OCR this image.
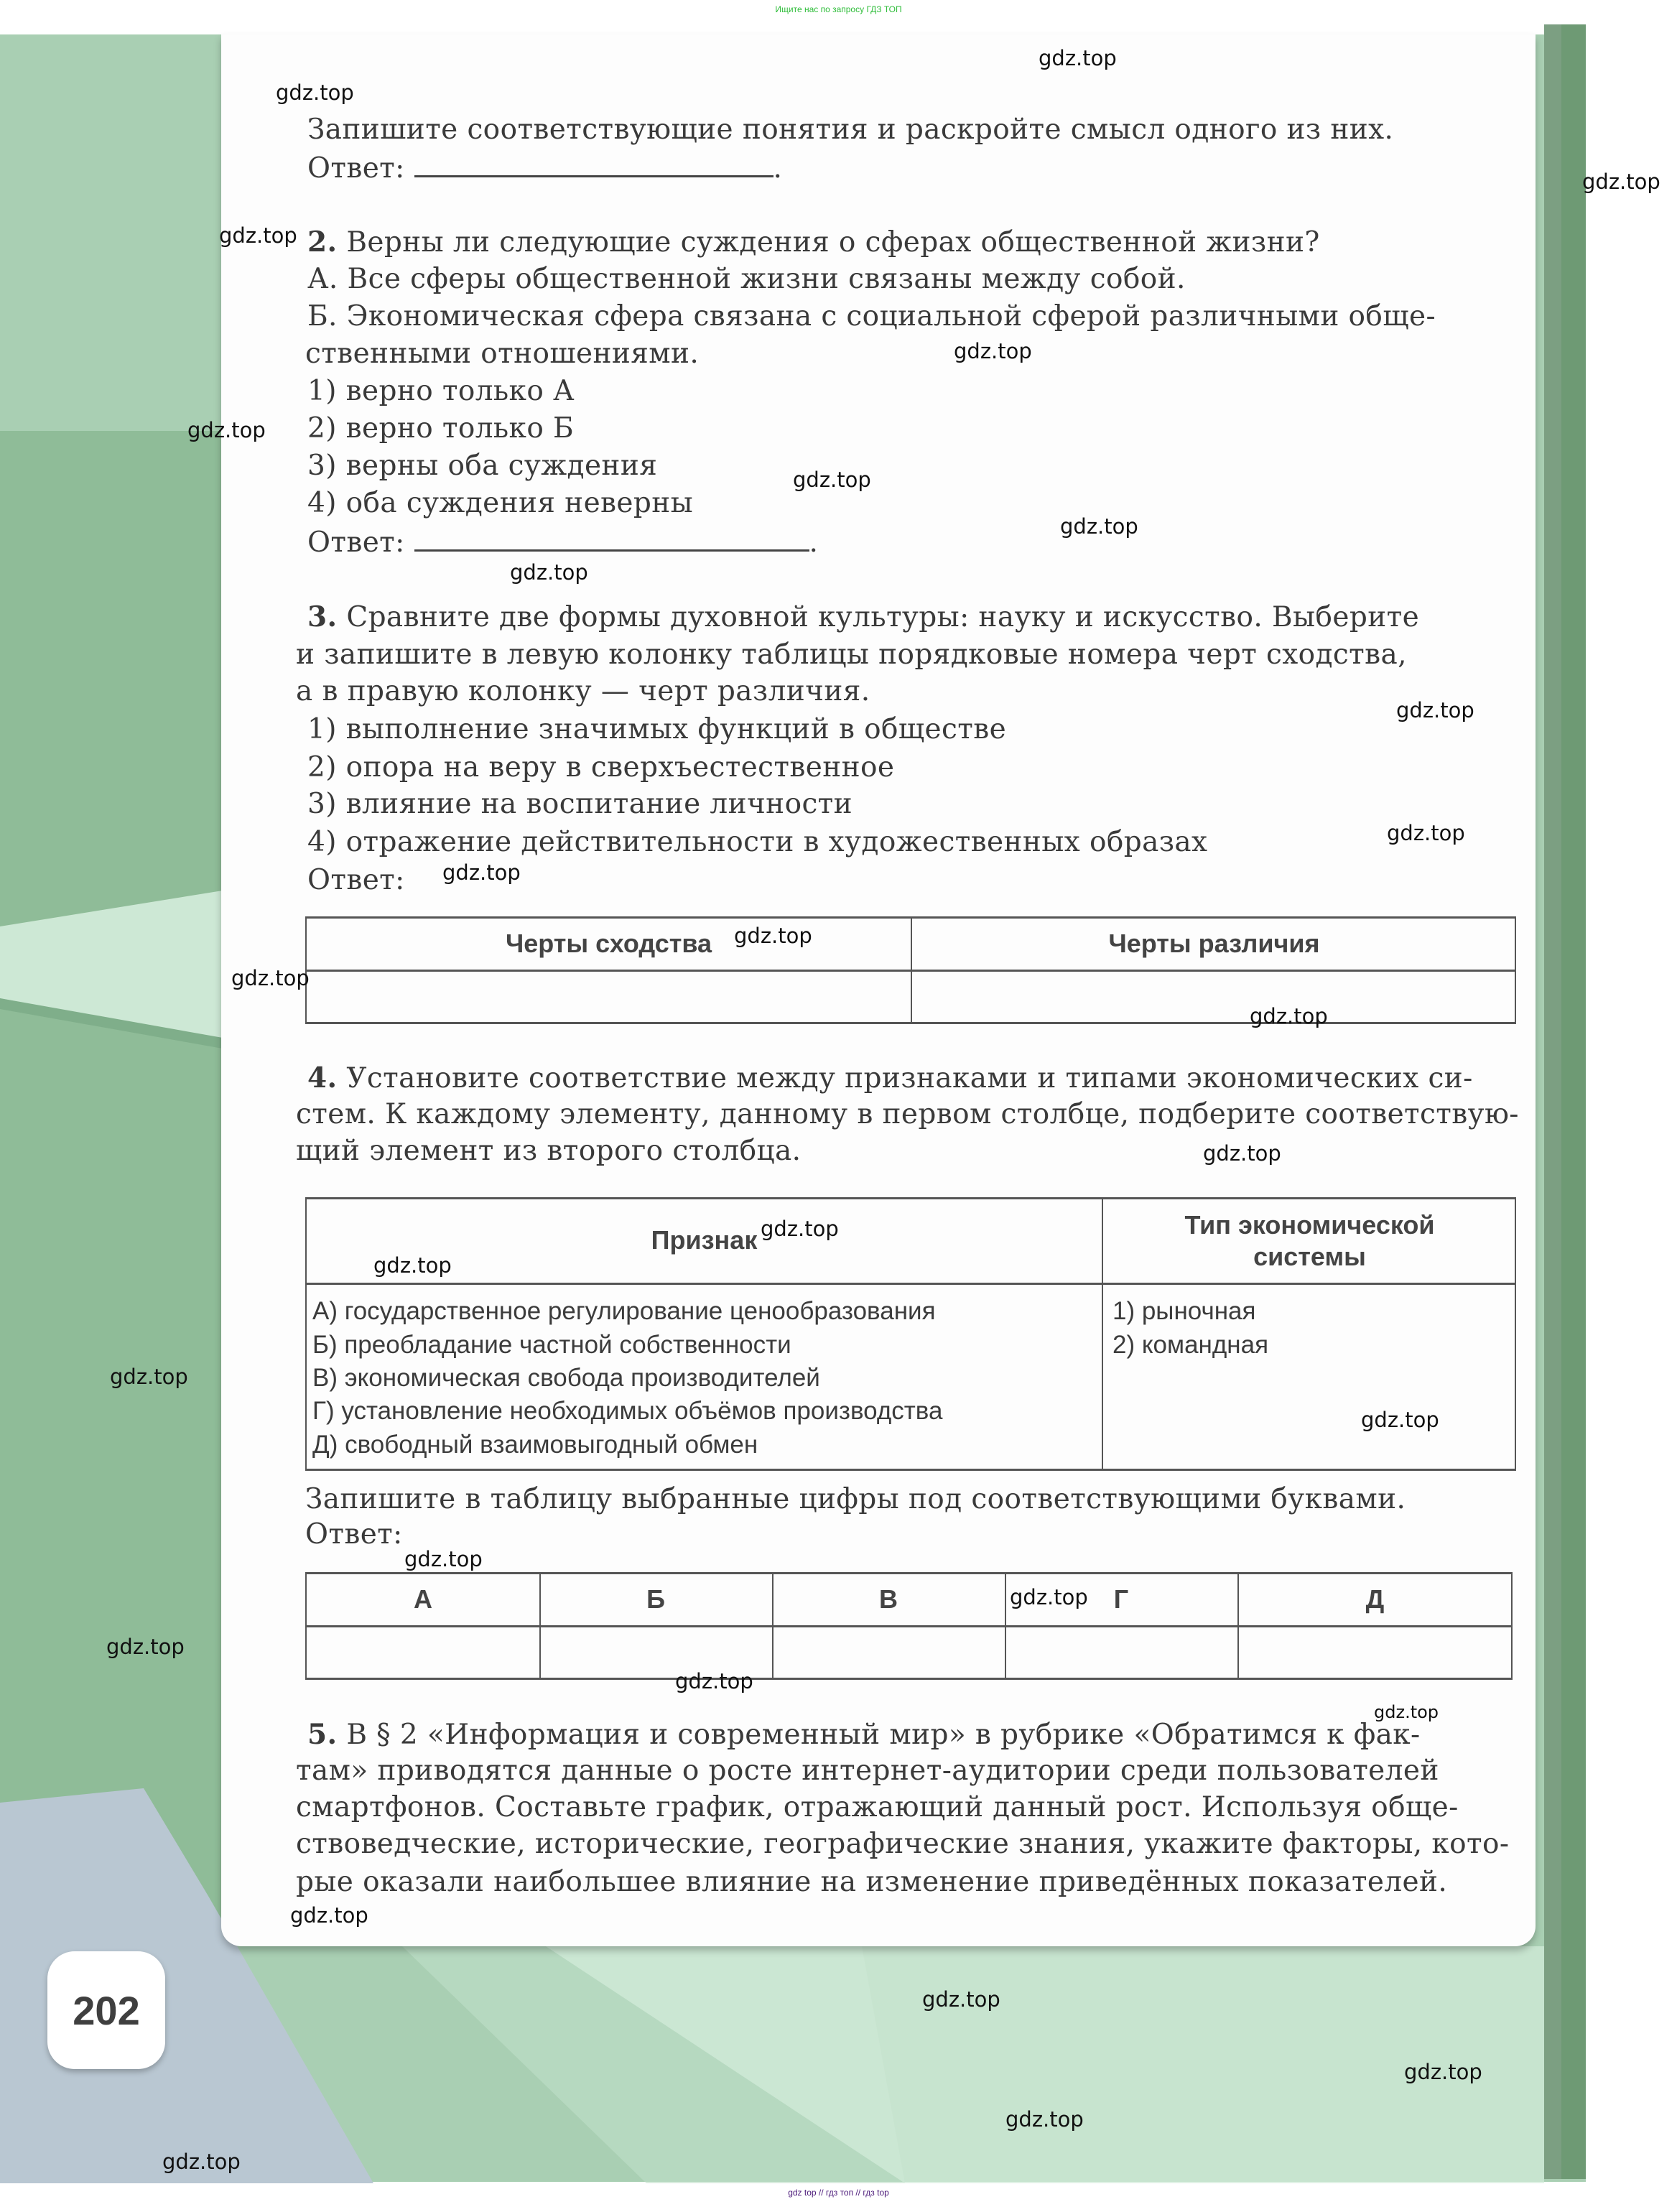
Ищите нас по запросу ГДЗ ТОП
Запишите соответствующие понятия и раскройте смысл одного из них.
Ответ:	.
2. Верны ли следующие суждения о сферах общественной жизни?
А. Все сферы общественной жизни связаны между собой.
Б. Экономическая сфера связана с социальной сферой различными обще-
ственными отношениями.
1) верно только А
2) верно только Б
3) верны оба суждения
4) оба суждения неверны
Ответ:	.
3. Сравните две формы духовной культуры: науку и искусство. Выберите
и запишите в левую колонку таблицы порядковые номера черт сходства,
а в правую колонку — черт различия.
1) выполнение значимых функций в обществе
2) опора на веру в сверхъестественное
3) влияние на воспитание личности
4) отражение действительности в художественных образах
Ответ:
Черты сходства	Черты различия
4. Установите соответствие между признаками и типами экономических си-
стем. К каждому элементу, данному в первом столбце, подберите соответствую-
щий элемент из второго столбца.
Признак
Тип экономической
системы
А) государственное регулирование ценообразования
Б) преобладание частной собственности
В) экономическая свобода производителей
Г) установление необходимых объёмов производства
Д) свободный взаимовыгодный обмен
1) рыночная
2) командная
Запишите в таблицу выбранные цифры под соответствующими буквами.
Ответ:
А	Б	В	Г	Д
5. В § 2 «Информация и современный мир» в рубрике «Обратимся к фак-
там» приводятся данные о росте интернет-аудитории среди пользователей
смартфонов. Составьте график, отражающий данный рост. Используя обще-
ствоведческие, исторические, географические знания, укажите факторы, кото-
рые оказали наибольшее влияние на изменение приведённых показателей.
202
gdz.top
gdz.top
gdz.top
gdz.top
gdz.top
gdz.top
gdz.top
gdz.top
gdz.top
gdz.top
gdz.top
gdz.top
gdz.top
gdz.top
gdz.top
gdz.top
gdz.top
gdz.top
gdz.top
gdz.top
gdz.top
gdz.top
gdz.top
gdz.top
gdz.top
gdz.top
gdz.top
gdz.top
gdz.top
gdz.top
gdz top // гдз топ // гдз top
